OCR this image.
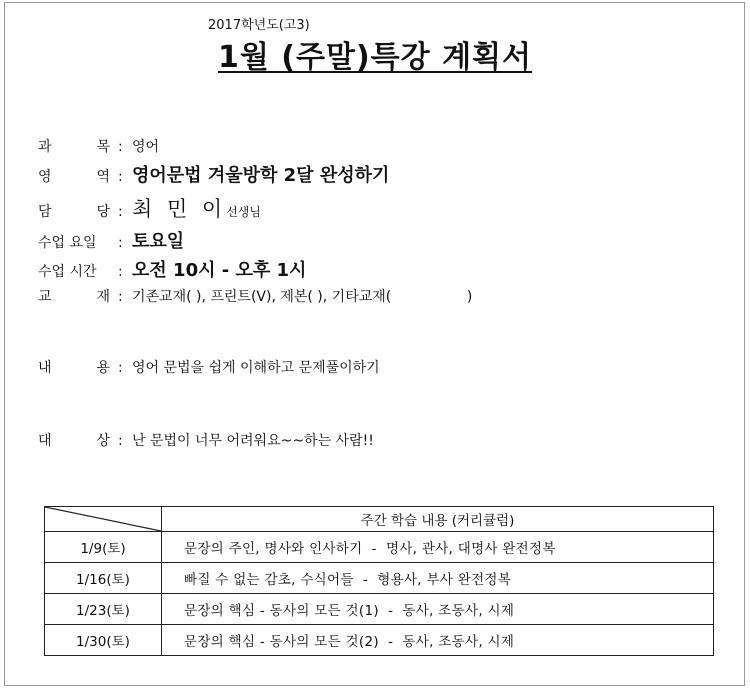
2017학년도(고3)
1월 (주말)특강 계획서
과	목 : 영어
영	역 : 영어문법 겨울방학 2달 완성하기
담	당 : 최 민 이선생님
수업 요일 : 토요일
수업 시간 : 오전 10시 - 오후 1시
교	재 : 기존교재( ), 프린트(V), 제본( ), 기타교재(                 )
내	용 : 영어 문법을 쉽게 이해하고 문제풀이하기
대	상 : 난 문법이 너무 어려워요~~하는 사람!!
	주간 학습 내용 (커리큘럼)
1/9(토)	문장의 주인, 명사와 인사하기  -  명사, 관사, 대명사 완전정복
1/16(토)	빠질 수 없는 감초, 수식어들  -  형용사, 부사 완전정복
1/23(토)	문장의 핵심 - 동사의 모든 것(1)  -  동사, 조동사, 시제
1/30(토)	문장의 핵심 - 동사의 모든 것(2)  -  동사, 조동사, 시제
